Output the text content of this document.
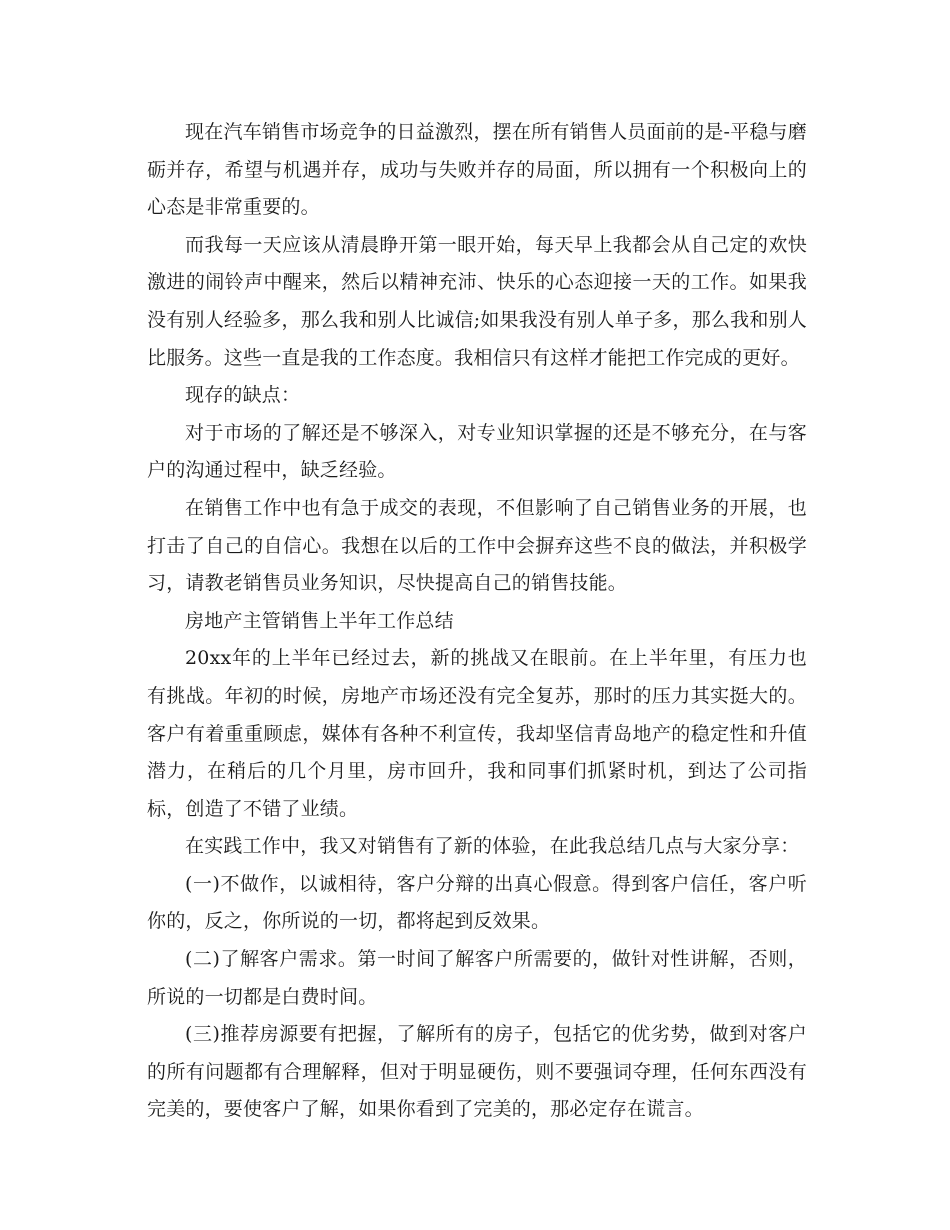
现在汽车销售市场竞争的日益激烈，摆在所有销售人员面前的是-平稳与磨砺并存，希望与机遇并存，成功与失败并存的局面，所以拥有一个积极向上的心态是非常重要的。

而我每一天应该从清晨睁开第一眼开始，每天早上我都会从自己定的欢快激进的闹铃声中醒来，然后以精神充沛、快乐的心态迎接一天的工作。如果我没有别人经验多，那么我和别人比诚信;如果我没有别人单子多，那么我和别人比服务。这些一直是我的工作态度。我相信只有这样才能把工作完成的更好。

现存的缺点：

对于市场的了解还是不够深入，对专业知识掌握的还是不够充分，在与客户的沟通过程中，缺乏经验。

在销售工作中也有急于成交的表现，不但影响了自己销售业务的开展，也打击了自己的自信心。我想在以后的工作中会摒弃这些不良的做法，并积极学习，请教老销售员业务知识，尽快提高自己的销售技能。

房地产主管销售上半年工作总结

20xx年的上半年已经过去，新的挑战又在眼前。在上半年里，有压力也有挑战。年初的时候，房地产市场还没有完全复苏，那时的压力其实挺大的。客户有着重重顾虑，媒体有各种不利宣传，我却坚信青岛地产的稳定性和升值潜力，在稍后的几个月里，房市回升，我和同事们抓紧时机，到达了公司指标，创造了不错了业绩。

在实践工作中，我又对销售有了新的体验，在此我总结几点与大家分享：

(一)不做作，以诚相待，客户分辩的出真心假意。得到客户信任，客户听你的，反之，你所说的一切，都将起到反效果。

(二)了解客户需求。第一时间了解客户所需要的，做针对性讲解，否则，所说的一切都是白费时间。

(三)推荐房源要有把握，了解所有的房子，包括它的优劣势，做到对客户的所有问题都有合理解释，但对于明显硬伤，则不要强词夺理，任何东西没有完美的，要使客户了解，如果你看到了完美的，那必定存在谎言。
